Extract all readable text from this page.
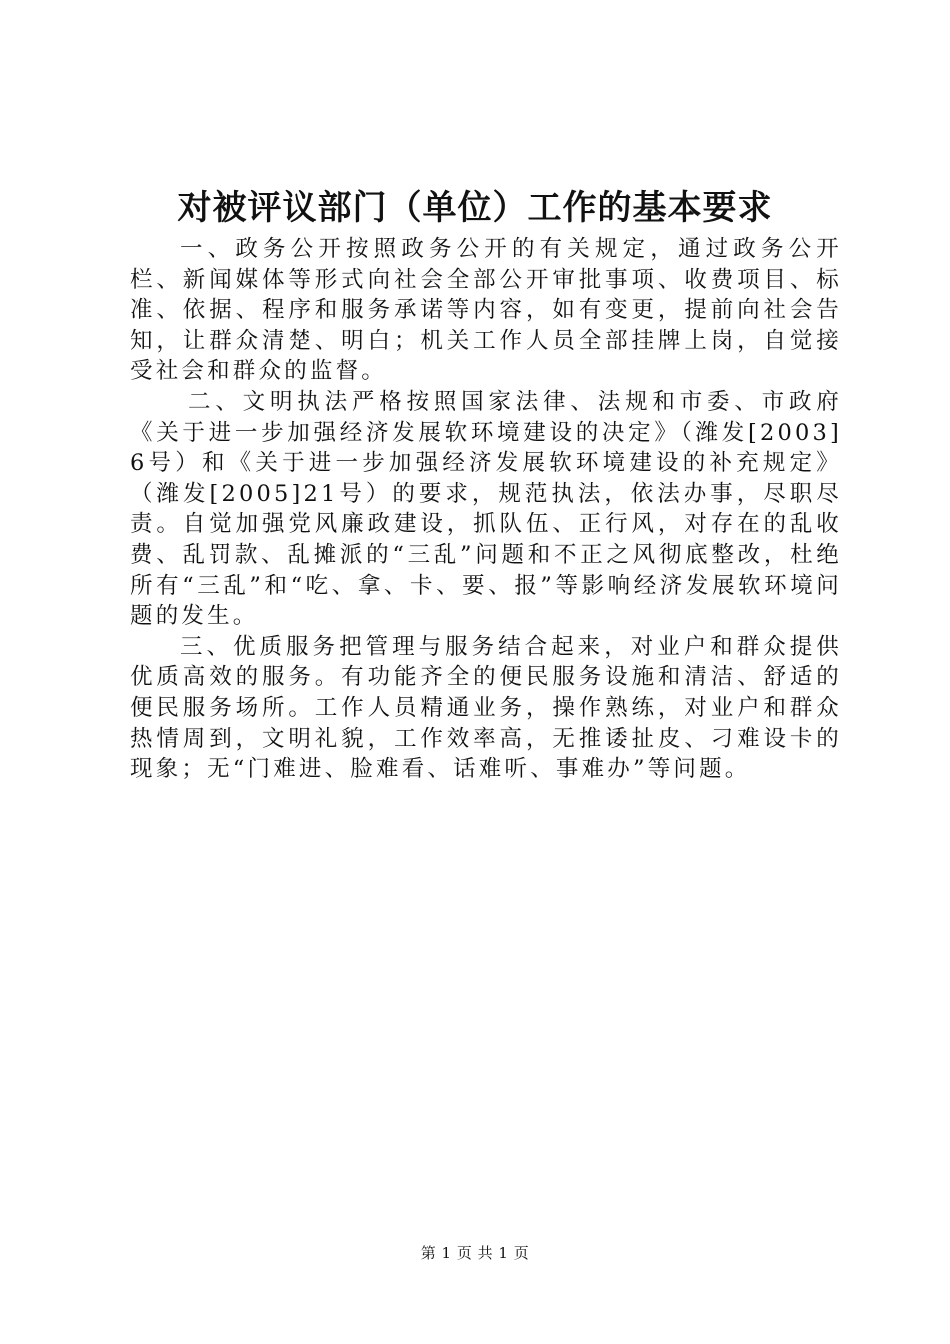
对被评议部门（单位）工作的基本要求

一、政务公开按照政务公开的有关规定，通过政务公开栏、新闻媒体等形式向社会全部公开审批事项、收费项目、标准、依据、程序和服务承诺等内容，如有变更，提前向社会告知，让群众清楚、明白；机关工作人员全部挂牌上岗，自觉接受社会和群众的监督。

二、文明执法严格按照国家法律、法规和市委、市政府《关于进一步加强经济发展软环境建设的决定》（潍发[2003]6号）和《关于进一步加强经济发展软环境建设的补充规定》（潍发[2005]21号）的要求，规范执法，依法办事，尽职尽责。自觉加强党风廉政建设，抓队伍、正行风，对存在的乱收费、乱罚款、乱摊派的“三乱”问题和不正之风彻底整改，杜绝所有“三乱”和“吃、拿、卡、要、报”等影响经济发展软环境问题的发生。

三、优质服务把管理与服务结合起来，对业户和群众提供优质高效的服务。有功能齐全的便民服务设施和清洁、舒适的便民服务场所。工作人员精通业务，操作熟练，对业户和群众热情周到，文明礼貌，工作效率高，无推诿扯皮、刁难设卡的现象；无“门难进、脸难看、话难听、事难办”等问题。

第 1 页 共 1 页
